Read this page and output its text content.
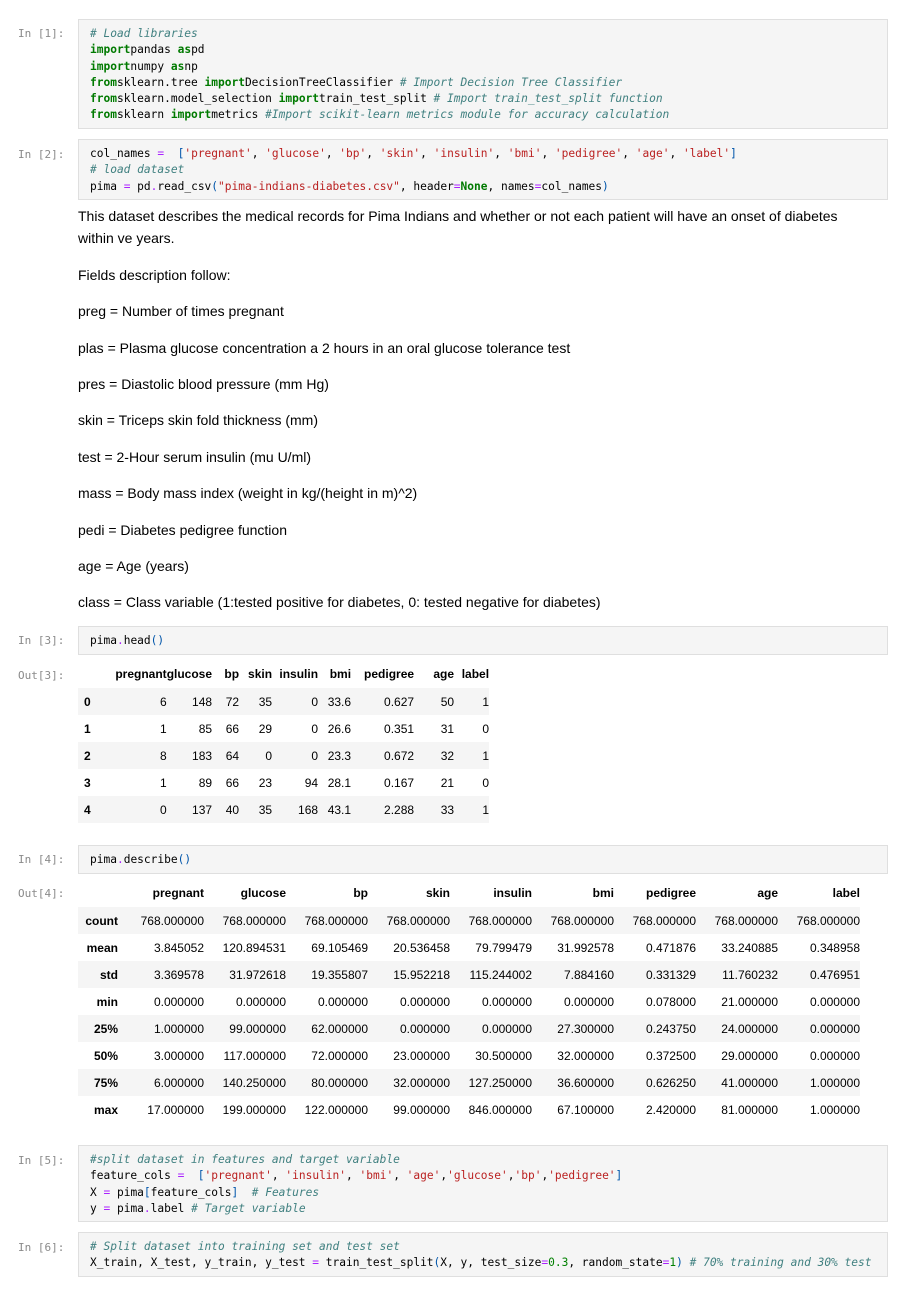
In [1]:	# Load libraries
importpandas aspd
importnumpy asnp
fromsklearn.tree importDecisionTreeClassifier # Import Decision Tree Classifier
fromsklearn.model_selection importtrain_test_split # Import train_test_split function
fromsklearn importmetrics #Import scikit-learn metrics module for accuracy calculation
In [2]:	col_names = ['pregnant', 'glucose', 'bp', 'skin', 'insulin', 'bmi', 'pedigree', 'age', 'label']
# load dataset
pima = pd.read_csv("pima-indians-diabetes.csv", header=None, names=col_names)

This dataset describes the medical records for Pima Indians and whether or not each patient will have an onset of diabetes

within ve years.

Fields description follow:

preg = Number of times pregnant

plas = Plasma glucose concentration a 2 hours in an oral glucose tolerance test

pres = Diastolic blood pressure (mm Hg)

skin = Triceps skin fold thickness (mm)

test = 2-Hour serum insulin (mu U/ml)

mass = Body mass index (weight in kg/(height in m)^2)

pedi = Diabetes pedigree function

age = Age (years)

class = Class variable (1:tested positive for diabetes, 0: tested negative for diabetes)

In [3]:	pima.head()
Out[3]:
		pregnant	glucose	bp	skin	insulin	bmi	pedigree	age	label
0	6	148	72	35	0	33.6	0.627	50	1
1	1	85	66	29	0	26.6	0.351	31	0
2	8	183	64	0	0	23.3	0.672	32	1
3	1	89	66	23	94	28.1	0.167	21	0
4	0	137	40	35	168	43.1	2.288	33	1
In [4]:	pima.describe()
Out[4]:
		pregnant	glucose	bp	skin	insulin	bmi	pedigree	age	label
count	768.000000	768.000000	768.000000	768.000000	768.000000	768.000000	768.000000	768.000000	768.000000
mean	3.845052	120.894531	69.105469	20.536458	79.799479	31.992578	0.471876	33.240885	0.348958
std	3.369578	31.972618	19.355807	15.952218	115.244002	7.884160	0.331329	11.760232	0.476951
min	0.000000	0.000000	0.000000	0.000000	0.000000	0.000000	0.078000	21.000000	0.000000
25%	1.000000	99.000000	62.000000	0.000000	0.000000	27.300000	0.243750	24.000000	0.000000
50%	3.000000	117.000000	72.000000	23.000000	30.500000	32.000000	0.372500	29.000000	0.000000
75%	6.000000	140.250000	80.000000	32.000000	127.250000	36.600000	0.626250	41.000000	1.000000
max	17.000000	199.000000	122.000000	99.000000	846.000000	67.100000	2.420000	81.000000	1.000000
In [5]:	#split dataset in features and target variable
feature_cols = ['pregnant', 'insulin', 'bmi', 'age','glucose','bp','pedigree']
X = pima[feature_cols] # Features
y = pima.label # Target variable
In [6]:	# Split dataset into training set and test set
X_train, X_test, y_train, y_test = train_test_split(X, y, test_size=0.3, random_state=1) # 70% training and 30% test
